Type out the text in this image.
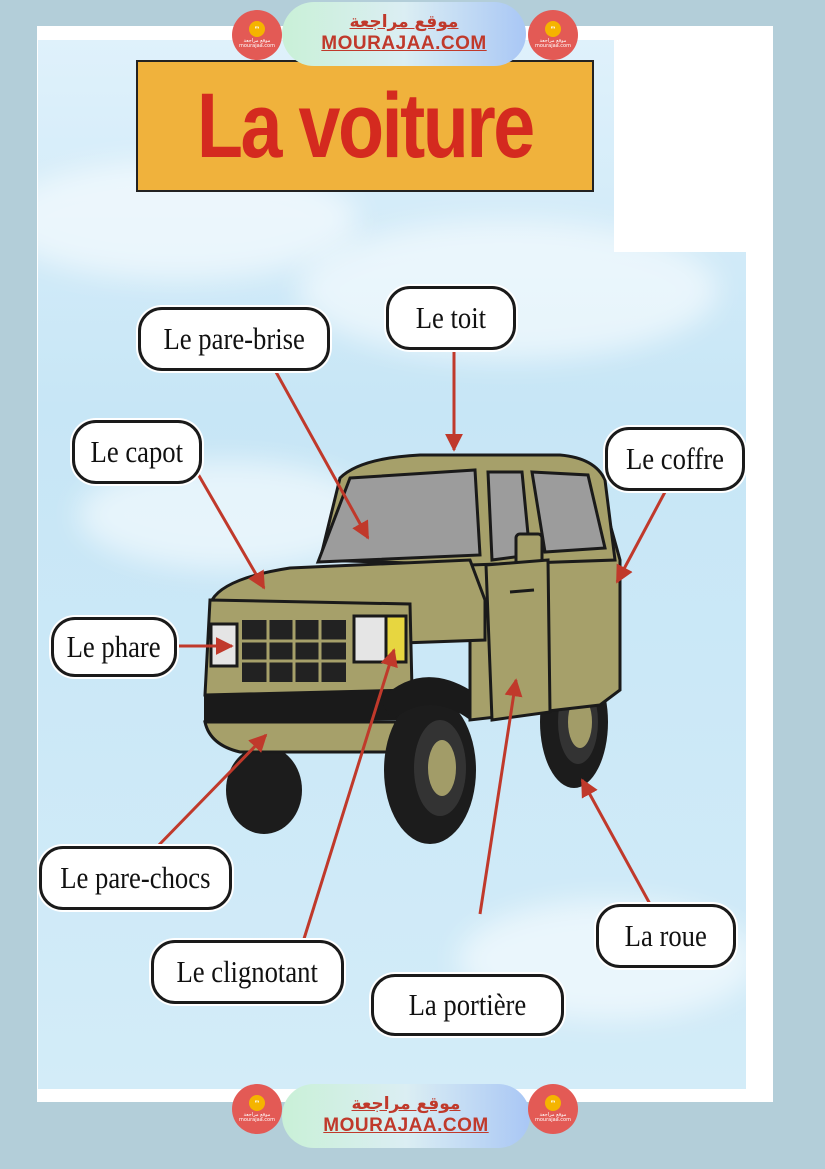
La voiture
Le toit
Le pare-brise
Le capot	Le coffre
Le phare
Le pare-chocs
Le clignotant
La portière
La roue
ᵐ
موقع مراجعة
mourajaa.com
موقع مراجعة
MOURAJAA.COM
ᵐ
موقع مراجعة
mourajaa.com
ᵐ
موقع مراجعة
mourajaa.com
موقع مراجعة
MOURAJAA.COM
ᵐ
موقع مراجعة
mourajaa.com
